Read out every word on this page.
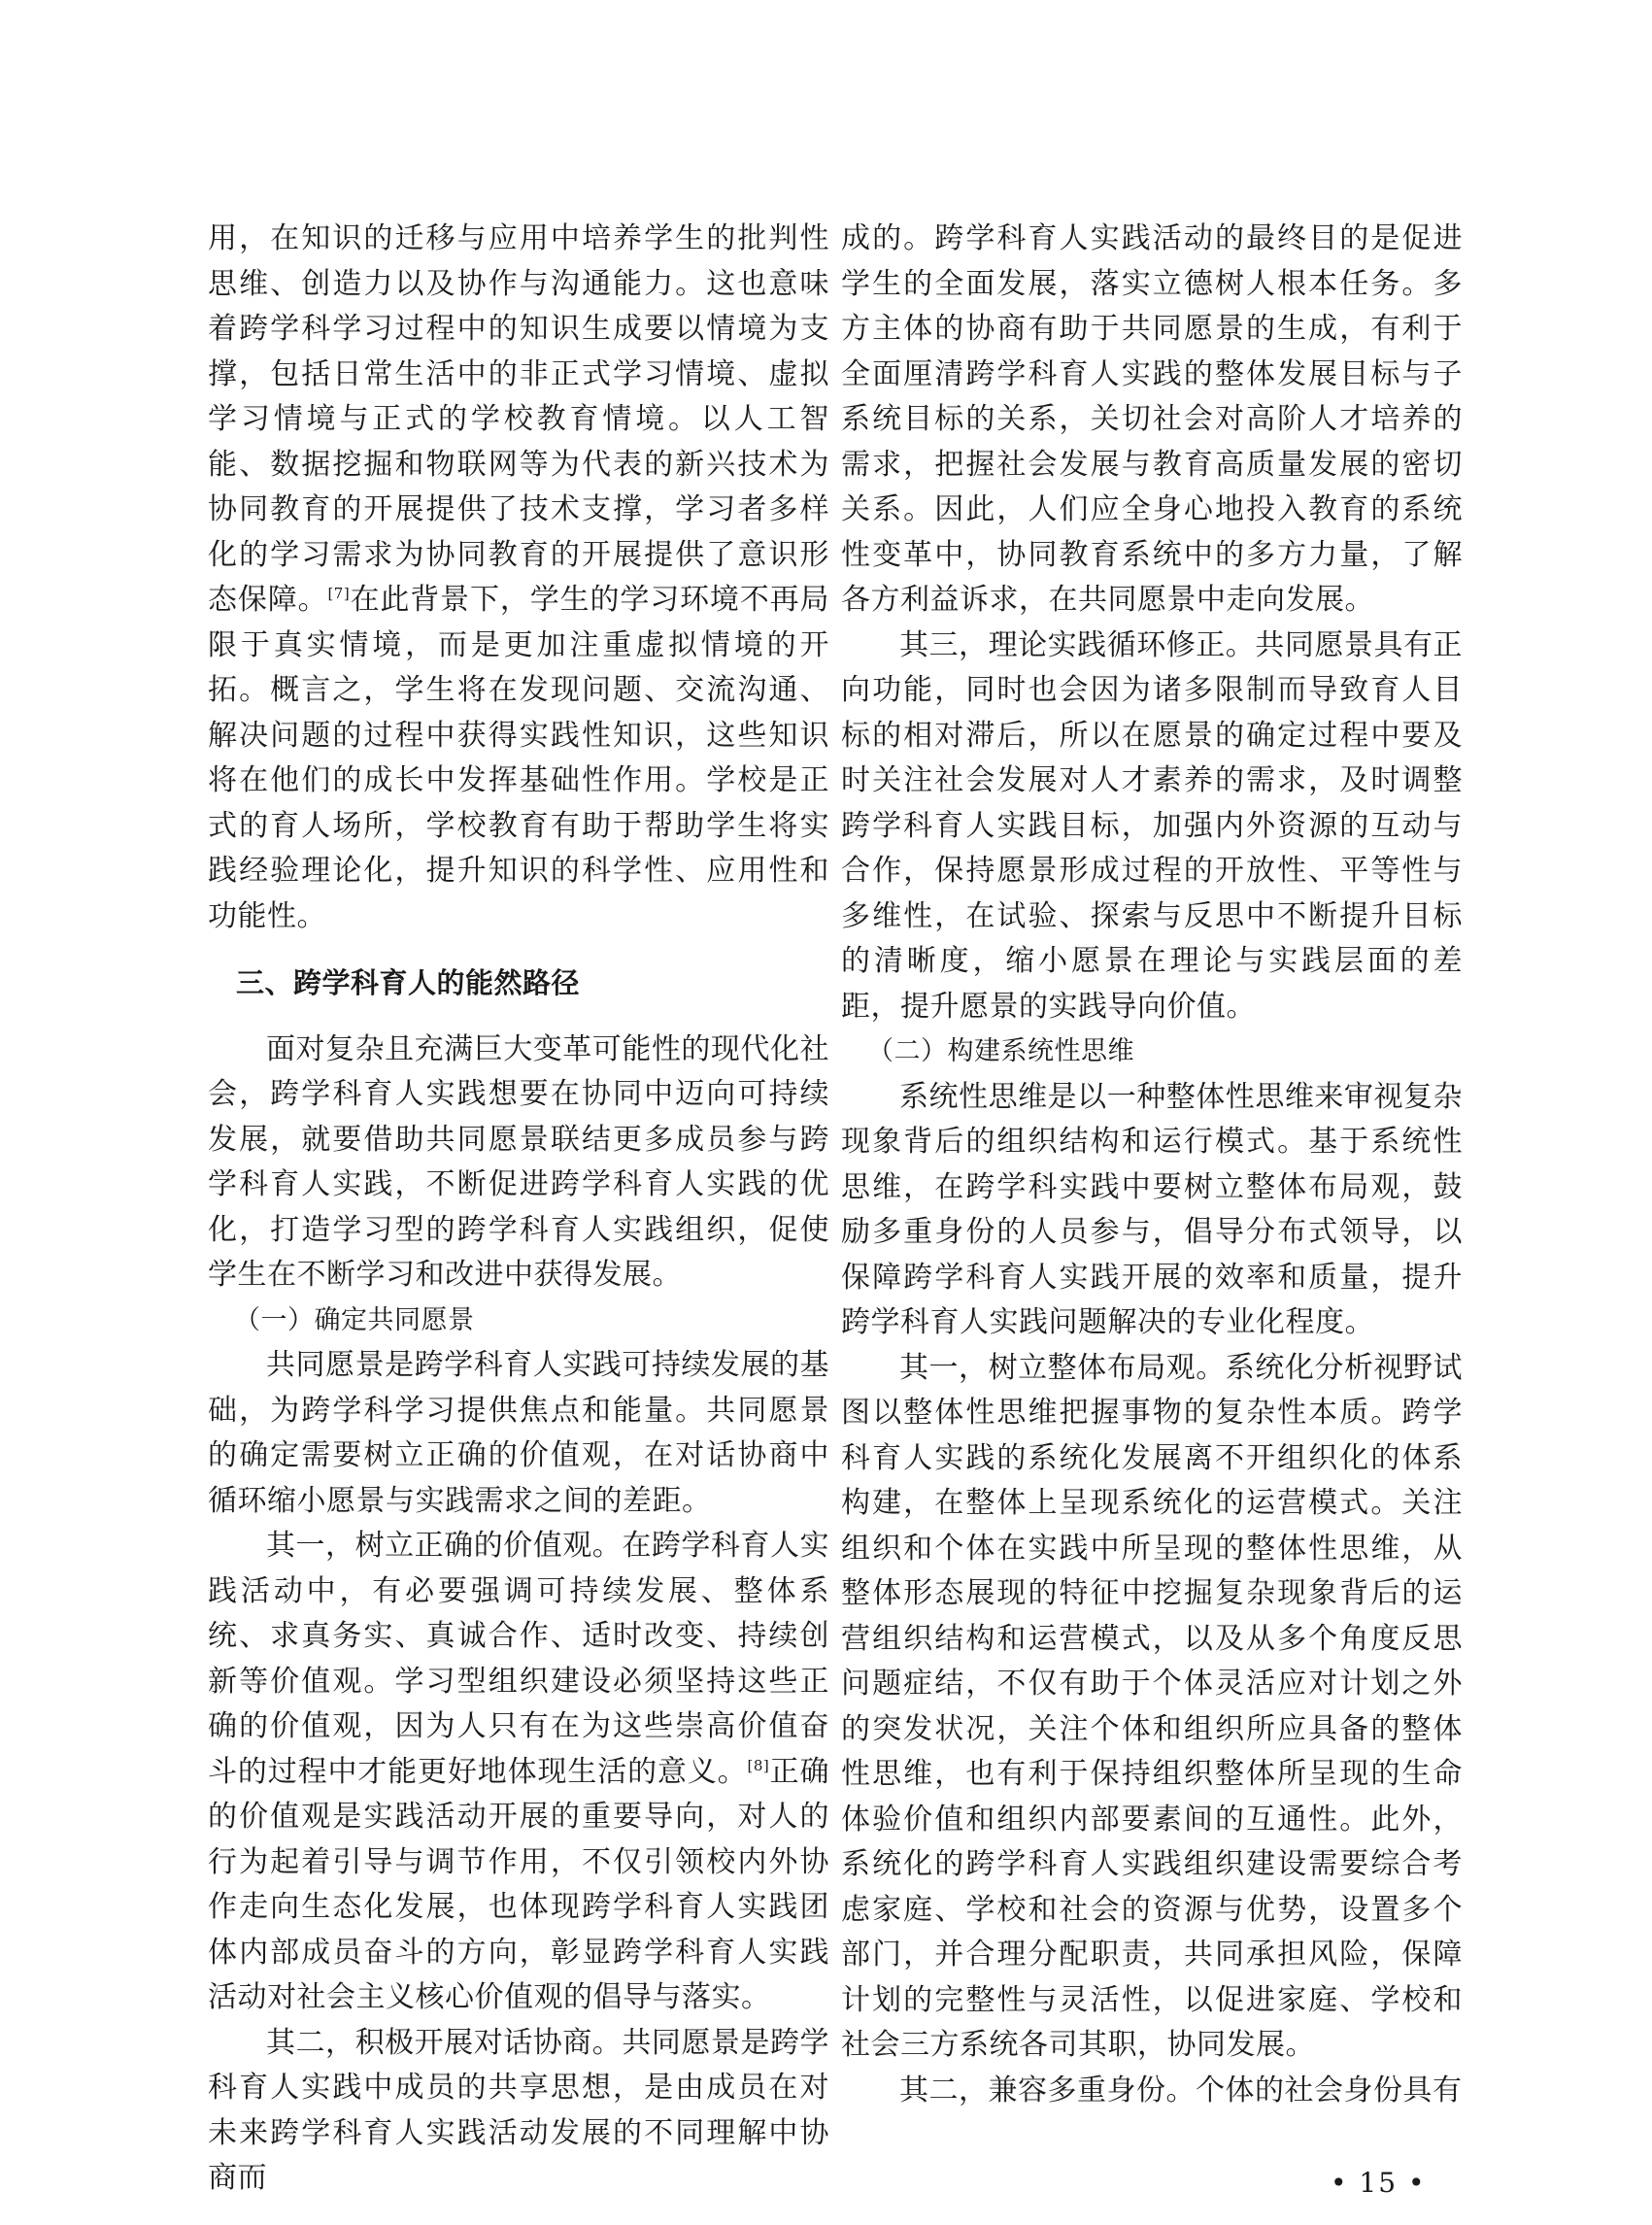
用，在知识的迁移与应用中培养学生的批判性思维、创造力以及协作与沟通能力。这也意味着跨学科学习过程中的知识生成要以情境为支撑，包括日常生活中的非正式学习情境、虚拟学习情境与正式的学校教育情境。以人工智能、数据挖掘和物联网等为代表的新兴技术为协同教育的开展提供了技术支撑，学习者多样化的学习需求为协同教育的开展提供了意识形态保障。[7]在此背景下，学生的学习环境不再局限于真实情境，而是更加注重虚拟情境的开拓。概言之，学生将在发现问题、交流沟通、解决问题的过程中获得实践性知识，这些知识将在他们的成长中发挥基础性作用。学校是正式的育人场所，学校教育有助于帮助学生将实践经验理论化，提升知识的科学性、应用性和功能性。

三、跨学科育人的能然路径

面对复杂且充满巨大变革可能性的现代化社会，跨学科育人实践想要在协同中迈向可持续发展，就要借助共同愿景联结更多成员参与跨学科育人实践，不断促进跨学科育人实践的优化，打造学习型的跨学科育人实践组织，促使学生在不断学习和改进中获得发展。

（一）确定共同愿景

共同愿景是跨学科育人实践可持续发展的基础，为跨学科学习提供焦点和能量。共同愿景的确定需要树立正确的价值观，在对话协商中循环缩小愿景与实践需求之间的差距。

其一，树立正确的价值观。在跨学科育人实践活动中，有必要强调可持续发展、整体系统、求真务实、真诚合作、适时改变、持续创新等价值观。学习型组织建设必须坚持这些正确的价值观，因为人只有在为这些崇高价值奋斗的过程中才能更好地体现生活的意义。[8]正确的价值观是实践活动开展的重要导向，对人的行为起着引导与调节作用，不仅引领校内外协作走向生态化发展，也体现跨学科育人实践团体内部成员奋斗的方向，彰显跨学科育人实践活动对社会主义核心价值观的倡导与落实。

其二，积极开展对话协商。共同愿景是跨学科育人实践中成员的共享思想，是由成员在对未来跨学科育人实践活动发展的不同理解中协商而

成的。跨学科育人实践活动的最终目的是促进学生的全面发展，落实立德树人根本任务。多方主体的协商有助于共同愿景的生成，有利于全面厘清跨学科育人实践的整体发展目标与子系统目标的关系，关切社会对高阶人才培养的需求，把握社会发展与教育高质量发展的密切关系。因此，人们应全身心地投入教育的系统性变革中，协同教育系统中的多方力量，了解各方利益诉求，在共同愿景中走向发展。

其三，理论实践循环修正。共同愿景具有正向功能，同时也会因为诸多限制而导致育人目标的相对滞后，所以在愿景的确定过程中要及时关注社会发展对人才素养的需求，及时调整跨学科育人实践目标，加强内外资源的互动与合作，保持愿景形成过程的开放性、平等性与多维性，在试验、探索与反思中不断提升目标的清晰度，缩小愿景在理论与实践层面的差距，提升愿景的实践导向价值。

（二）构建系统性思维

系统性思维是以一种整体性思维来审视复杂现象背后的组织结构和运行模式。基于系统性思维，在跨学科实践中要树立整体布局观，鼓励多重身份的人员参与，倡导分布式领导，以保障跨学科育人实践开展的效率和质量，提升跨学科育人实践问题解决的专业化程度。

其一，树立整体布局观。系统化分析视野试图以整体性思维把握事物的复杂性本质。跨学科育人实践的系统化发展离不开组织化的体系构建，在整体上呈现系统化的运营模式。关注组织和个体在实践中所呈现的整体性思维，从整体形态展现的特征中挖掘复杂现象背后的运营组织结构和运营模式，以及从多个角度反思问题症结，不仅有助于个体灵活应对计划之外的突发状况，关注个体和组织所应具备的整体性思维，也有利于保持组织整体所呈现的生命体验价值和组织内部要素间的互通性。此外，系统化的跨学科育人实践组织建设需要综合考虑家庭、学校和社会的资源与优势，设置多个部门，并合理分配职责，共同承担风险，保障计划的完整性与灵活性，以促进家庭、学校和社会三方系统各司其职，协同发展。

其二，兼容多重身份。个体的社会身份具有

• 15 •
